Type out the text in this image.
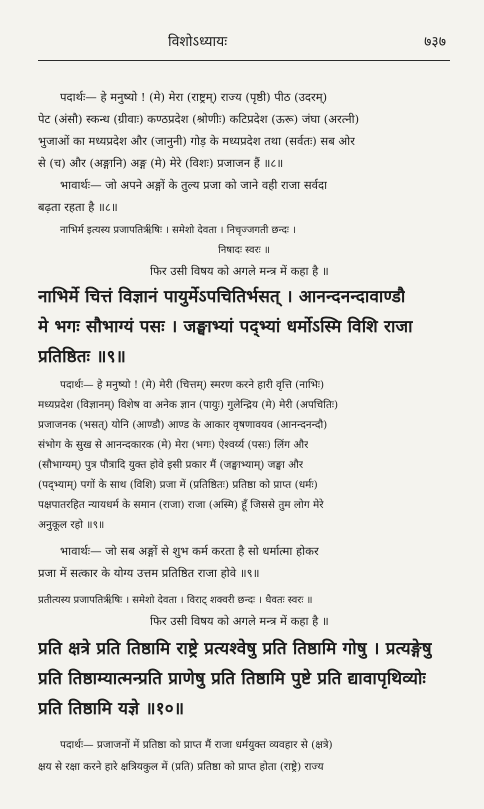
विशोऽध्यायः	७३७
पदार्थः— हे मनुष्यो ! (मे) मेरा (राष्ट्रम्) राज्य (पृष्ठी) पीठ (उदरम्)
पेट (अंसौ) स्कन्ध (ग्रीवाः) कण्ठप्रदेश (श्रोणीः) कटिप्रदेश (ऊरू) जंघा (अरत्नी)
भुजाओं का मध्यप्रदेश और (जानुनी) गोड़ के मध्यप्रदेश तथा (सर्वतः) सब ओर
से (च) और (अङ्गानि) अङ्ग (मे) मेरे (विशः) प्रजाजन हैं ॥८॥
भावार्थः— जो अपने अङ्गों के तुल्य प्रजा को जाने वही राजा सर्वदा
बढ़ता रहता है ॥८॥
नाभिर्म इत्यस्य प्रजापतिर्ऋ॑षिः । समेशो देवता । निचृज्जगती छन्दः ।
निषादः स्वरः ॥
फिर उसी विषय को अगले मन्त्र में कहा है ॥
नाभिर्मे चित्तं विज्ञानं पायुर्मेऽपचितिर्भसत् । आनन्दनन्दावाण्डौ
मे भगः सौभाग्यं पसः । जङ्घाभ्यां पद्भ्यां धर्मोऽस्मि विशि राजा
प्रतिष्ठितः ॥९॥
पदार्थः— हे मनुष्यो ! (मे) मेरी (चित्तम्) स्मरण करने हारी वृत्ति (नाभिः)
मध्यप्रदेश (विज्ञानम्) विशेष वा अनेक ज्ञान (पायुः) गुलेन्द्रिय (मे) मेरी (अपचितिः)
प्रजाजनक (भसत्) योनि (आण्डौ) आण्ड के आकार वृषणावयव (आनन्दनन्दौ)
संभोग के सुख से आनन्दकारक (मे) मेरा (भगः) ऐश्वर्य्य (पसः) लिंग और
(सौभाग्यम्) पुत्र पौत्रादि युक्त होवे इसी प्रकार मैं (जङ्घाभ्याम्) जङ्घा और
(पद्भ्याम्) पगों के साथ (विशि) प्रजा में (प्रतिष्ठितः) प्रतिष्ठा को प्राप्त (धर्मः)
पक्षपातरहित न्यायधर्म के समान (राजा) राजा (अस्मि) हूँ जिससे तुम लोग मेरे
अनुकूल रहो ॥९॥
भावार्थः— जो सब अङ्गों से शुभ कर्म करता है सो धर्मात्मा होकर
प्रजा में सत्कार के योग्य उत्तम प्रतिष्ठित राजा होवे ॥९॥
प्रतीत्यस्य प्रजापतिर्ऋ॑षिः । समेशो देवता । विराट् शक्वरी छन्दः । धैवतः स्वरः ॥
फिर उसी विषय को अगले मन्त्र में कहा है ॥
प्रति क्षत्रे प्रति तिष्ठामि राष्ट्रे प्रत्यश्वेषु प्रति तिष्ठामि गोषु । प्रत्यङ्गेषु
प्रति तिष्ठाम्यात्मन्प्रति प्राणेषु प्रति तिष्ठामि पुष्टे प्रति द्यावापृथिव्योः
प्रति तिष्ठामि यज्ञे ॥१०॥
पदार्थः— प्रजाजनों में प्रतिष्ठा को प्राप्त मैं राजा धर्मयुक्त व्यवहार से (क्षत्रे)
क्षय से रक्षा करने हारे क्षत्रियकुल में (प्रति) प्रतिष्ठा को प्राप्त होता (राष्ट्रे) राज्य
